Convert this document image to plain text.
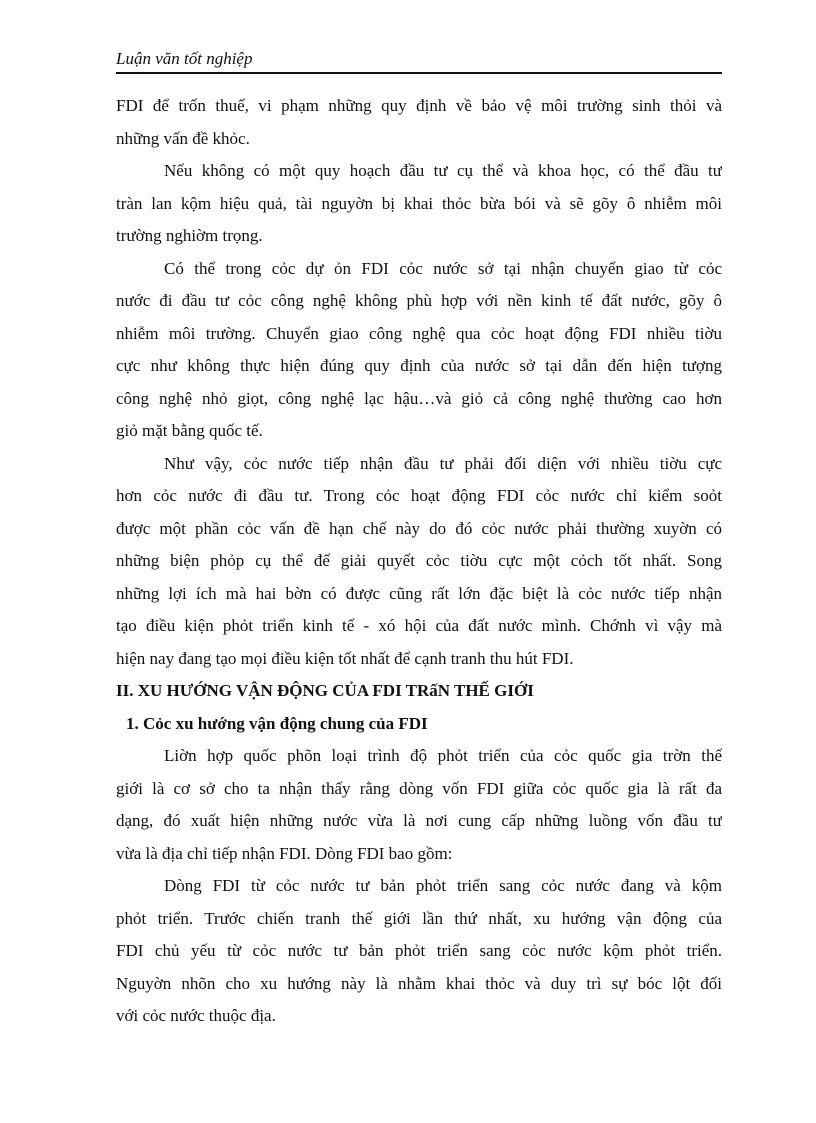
Luận văn tốt nghiệp
FDI để trốn thuế, vi phạm những quy định về bảo vệ môi trường sinh thỏi và
những vấn đề khỏc.
Nếu không có một quy hoạch đầu tư cụ thể và khoa học, có thể đầu tư
tràn lan kộm hiệu quả, tài nguyờn bị khai thỏc bừa bói và sẽ gõy ô nhiễm môi
trường nghiờm trọng.
Có thể trong cỏc dự ỏn FDI cỏc nước sở tại nhận chuyển giao từ cỏc
nước đi đầu tư cỏc công nghệ không phù hợp với nền kinh tế đất nước, gõy ô
nhiễm môi trường. Chuyển giao công nghệ qua cỏc hoạt động FDI nhiều tiờu
cực như không thực hiện đúng quy định của nước sở tại dẫn đến hiện tượng
công nghệ nhỏ giọt, công nghệ lạc hậu…và giỏ cả công nghệ thường cao hơn
giỏ mặt bằng quốc tế.
Như vậy, cỏc nước tiếp nhận đầu tư phải đối diện với nhiều tiờu cực
hơn cỏc nước đi đầu tư. Trong cỏc hoạt động FDI cỏc nước chỉ kiểm soỏt
được một phần cỏc vấn đề hạn chế này do đó cỏc nước phải thường xuyờn có
những biện phỏp cụ thể để giải quyết cỏc tiờu cực một cỏch tốt nhất. Song
những lợi ích mà hai bờn có được cũng rất lớn đặc biệt là cỏc nước tiếp nhận
tạo điều kiện phỏt triển kinh tế - xó hội của đất nước mình. Chớnh vì vậy mà
hiện nay đang tạo mọi điều kiện tốt nhất để cạnh tranh thu hút FDI.
II. XU HƯỚNG VẬN ĐỘNG CỦA FDI TRấN THẾ GIỚI
1. Cỏc xu hướng vận động chung của FDI
Liờn hợp quốc phõn loại trình độ phỏt triển của cỏc quốc gia trờn thế
giới là cơ sở cho ta nhận thấy rằng dòng vốn FDI giữa cỏc quốc gia là rất đa
dạng, đó xuất hiện những nước vừa là nơi cung cấp những luồng vốn đầu tư
vừa là địa chỉ tiếp nhận FDI. Dòng FDI bao gồm:
Dòng FDI từ cỏc nước tư bản phỏt triển sang cỏc nước đang và kộm
phỏt triển. Trước chiến tranh thế giới lần thứ nhất, xu hướng vận động của
FDI chủ yếu từ cỏc nước tư bản phỏt triển sang cỏc nước kộm phỏt triển.
Nguyờn nhõn cho xu hướng này là nhằm khai thỏc và duy trì sự bóc lột đối
với cỏc nước thuộc địa.
